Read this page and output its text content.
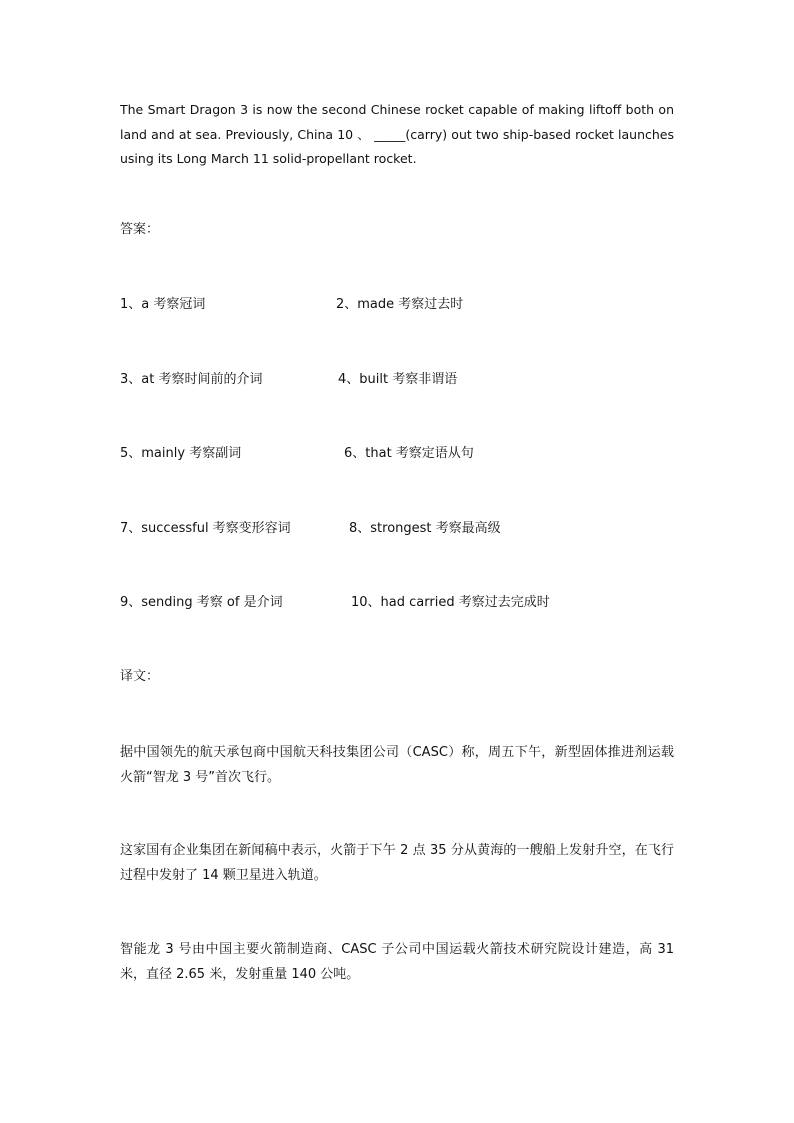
The Smart Dragon 3 is now the second Chinese rocket capable of making liftoff both on land and at sea. Previously, China 10 、 _____(carry) out two ship-based rocket launches using its Long March 11 solid-propellant rocket.

答案：
1、a 考察冠词	2、made 考察过去时
3、at 考察时间前的介词	4、built 考察非谓语
5、mainly 考察副词	6、that 考察定语从句
7、successful 考察变形容词	8、strongest 考察最高级
9、sending 考察 of 是介词	10、had carried 考察过去完成时
译文：

据中国领先的航天承包商中国航天科技集团公司（CASC）称，周五下午，新型固体推进剂运载火箭“智龙 3 号”首次飞行。

这家国有企业集团在新闻稿中表示，火箭于下午 2 点 35 分从黄海的一艘船上发射升空，在飞行过程中发射了 14 颗卫星进入轨道。

智能龙 3 号由中国主要火箭制造商、CASC 子公司中国运载火箭技术研究院设计建造，高 31 米，直径 2.65 米，发射重量 140 公吨。
